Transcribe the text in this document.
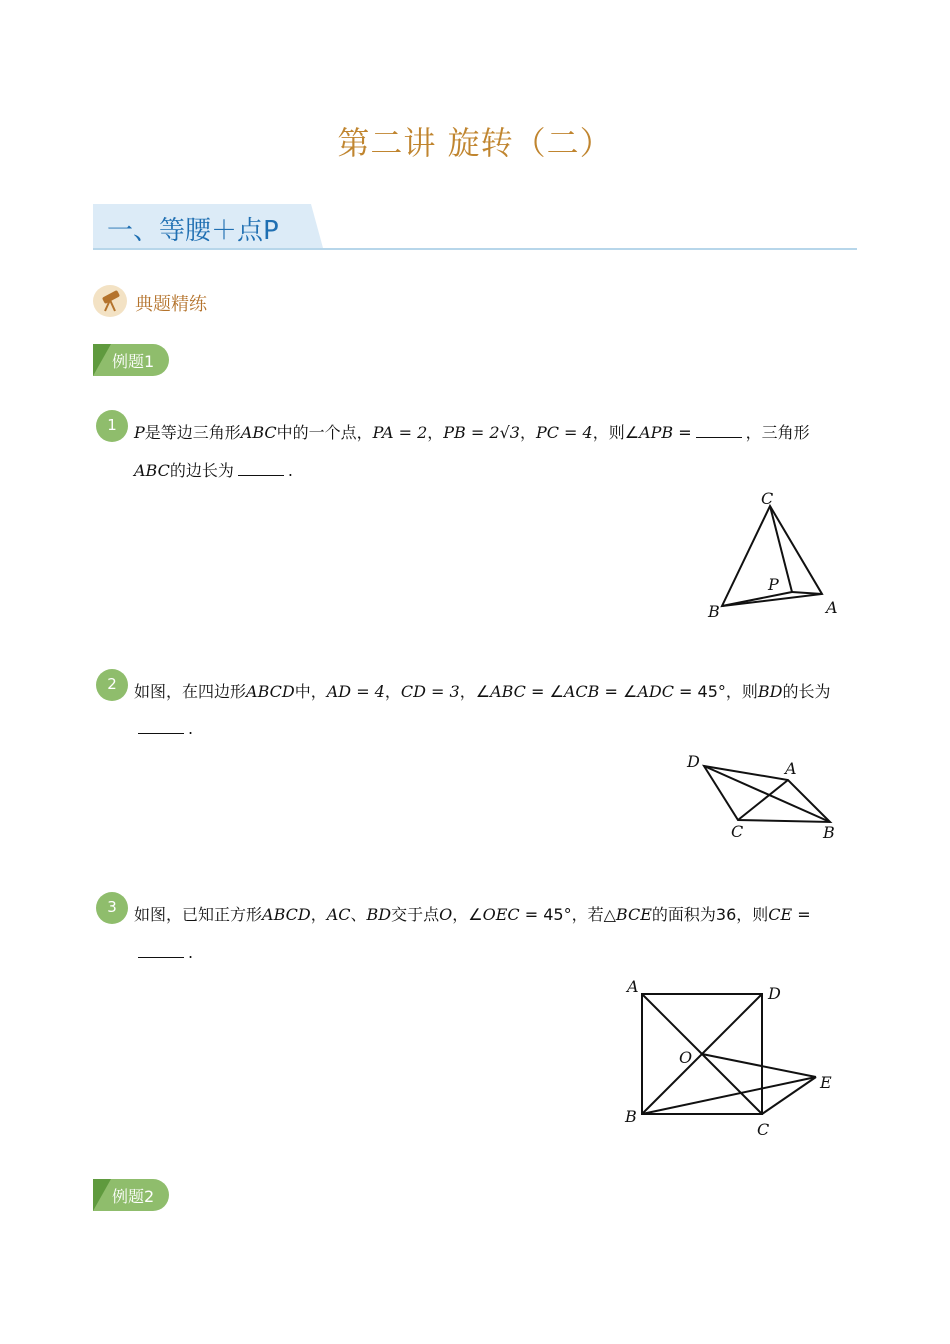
第二讲 旋转（二）
一、等腰＋点P
典题精练
例题1
1	P是等边三角形ABC中的一个点，PA = 2，PB = 2√3，PC = 4，则∠APB =	，三角形
ABC的边长为	.
C
P
B	A
2	如图，在四边形ABCD中，AD = 4，CD = 3，∠ABC = ∠ACB = ∠ADC = 45°，则BD的长为
.
D	A
C	B
3	如图，已知正方形ABCD，AC、BD交于点O，∠OEC = 45°，若△BCE的面积为36，则CE =
.
A	D
O
E
B
C
例题2
